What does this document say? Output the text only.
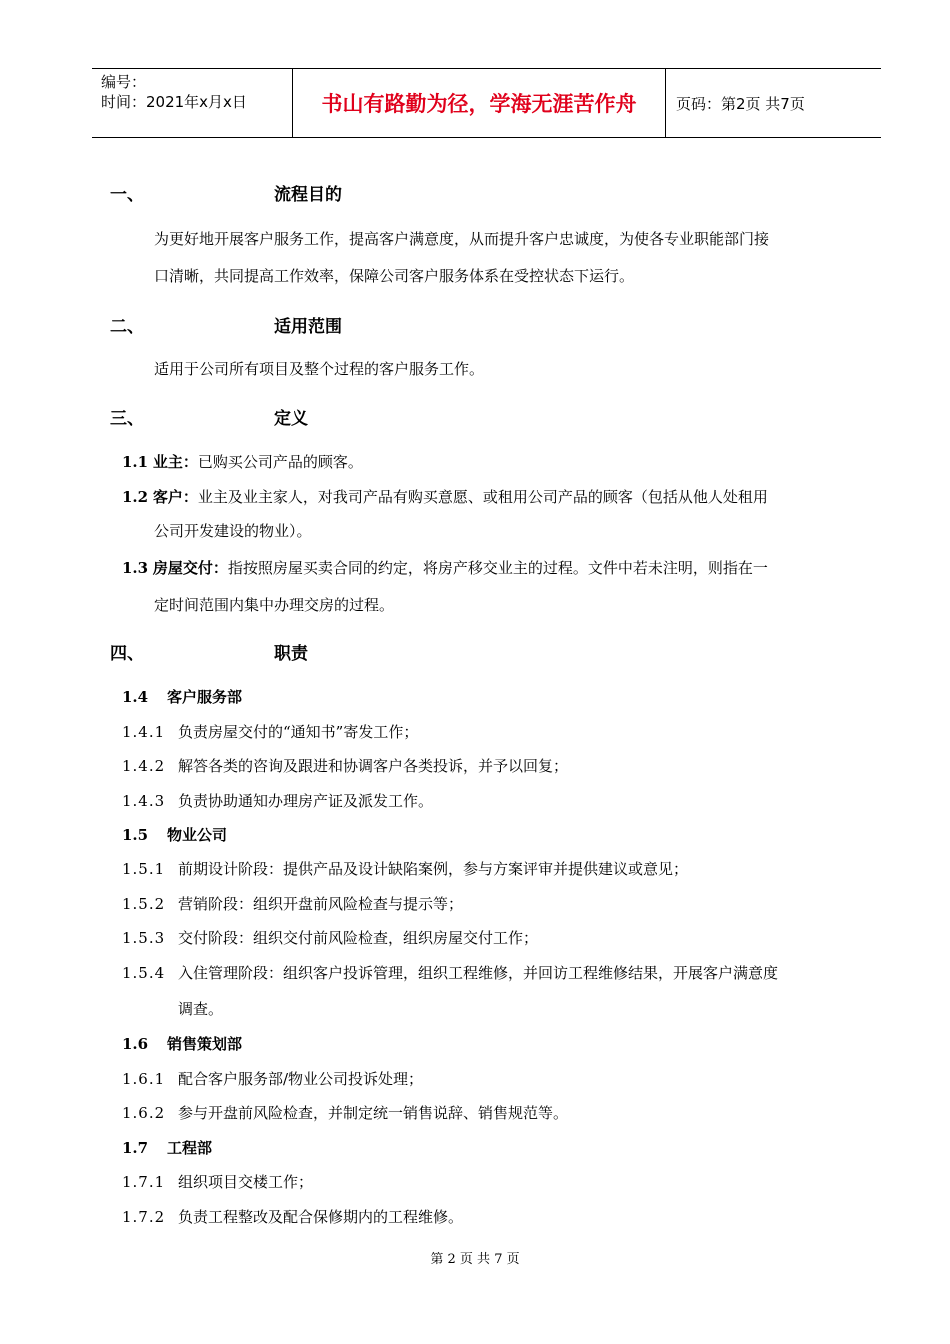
编号：
时间：2021年x月x日	书山有路勤为径，学海无涯苦作舟	页码：第2页 共7页
一、	流程目的
为更好地开展客户服务工作，提高客户满意度，从而提升客户忠诚度，为使各专业职能部门接
口清晰，共同提高工作效率，保障公司客户服务体系在受控状态下运行。
二、	适用范围
适用于公司所有项目及整个过程的客户服务工作。
三、	定义
1.1 业主：已购买公司产品的顾客。
1.2 客户：业主及业主家人，对我司产品有购买意愿、或租用公司产品的顾客（包括从他人处租用
公司开发建设的物业）。
1.3 房屋交付：指按照房屋买卖合同的约定，将房产移交业主的过程。文件中若未注明，则指在一
定时间范围内集中办理交房的过程。
四、	职责
1.4 客户服务部
1.4.1 负责房屋交付的“通知书”寄发工作；
1.4.2 解答各类的咨询及跟进和协调客户各类投诉，并予以回复；
1.4.3 负责协助通知办理房产证及派发工作。
1.5 物业公司
1.5.1 前期设计阶段：提供产品及设计缺陷案例，参与方案评审并提供建议或意见；
1.5.2 营销阶段：组织开盘前风险检查与提示等；
1.5.3 交付阶段：组织交付前风险检查，组织房屋交付工作；
1.5.4 入住管理阶段：组织客户投诉管理，组织工程维修，并回访工程维修结果，开展客户满意度
调查。
1.6 销售策划部
1.6.1 配合客户服务部/物业公司投诉处理；
1.6.2 参与开盘前风险检查，并制定统一销售说辞、销售规范等。
1.7 工程部
1.7.1 组织项目交楼工作；
1.7.2 负责工程整改及配合保修期内的工程维修。
第 2 页 共 7 页
